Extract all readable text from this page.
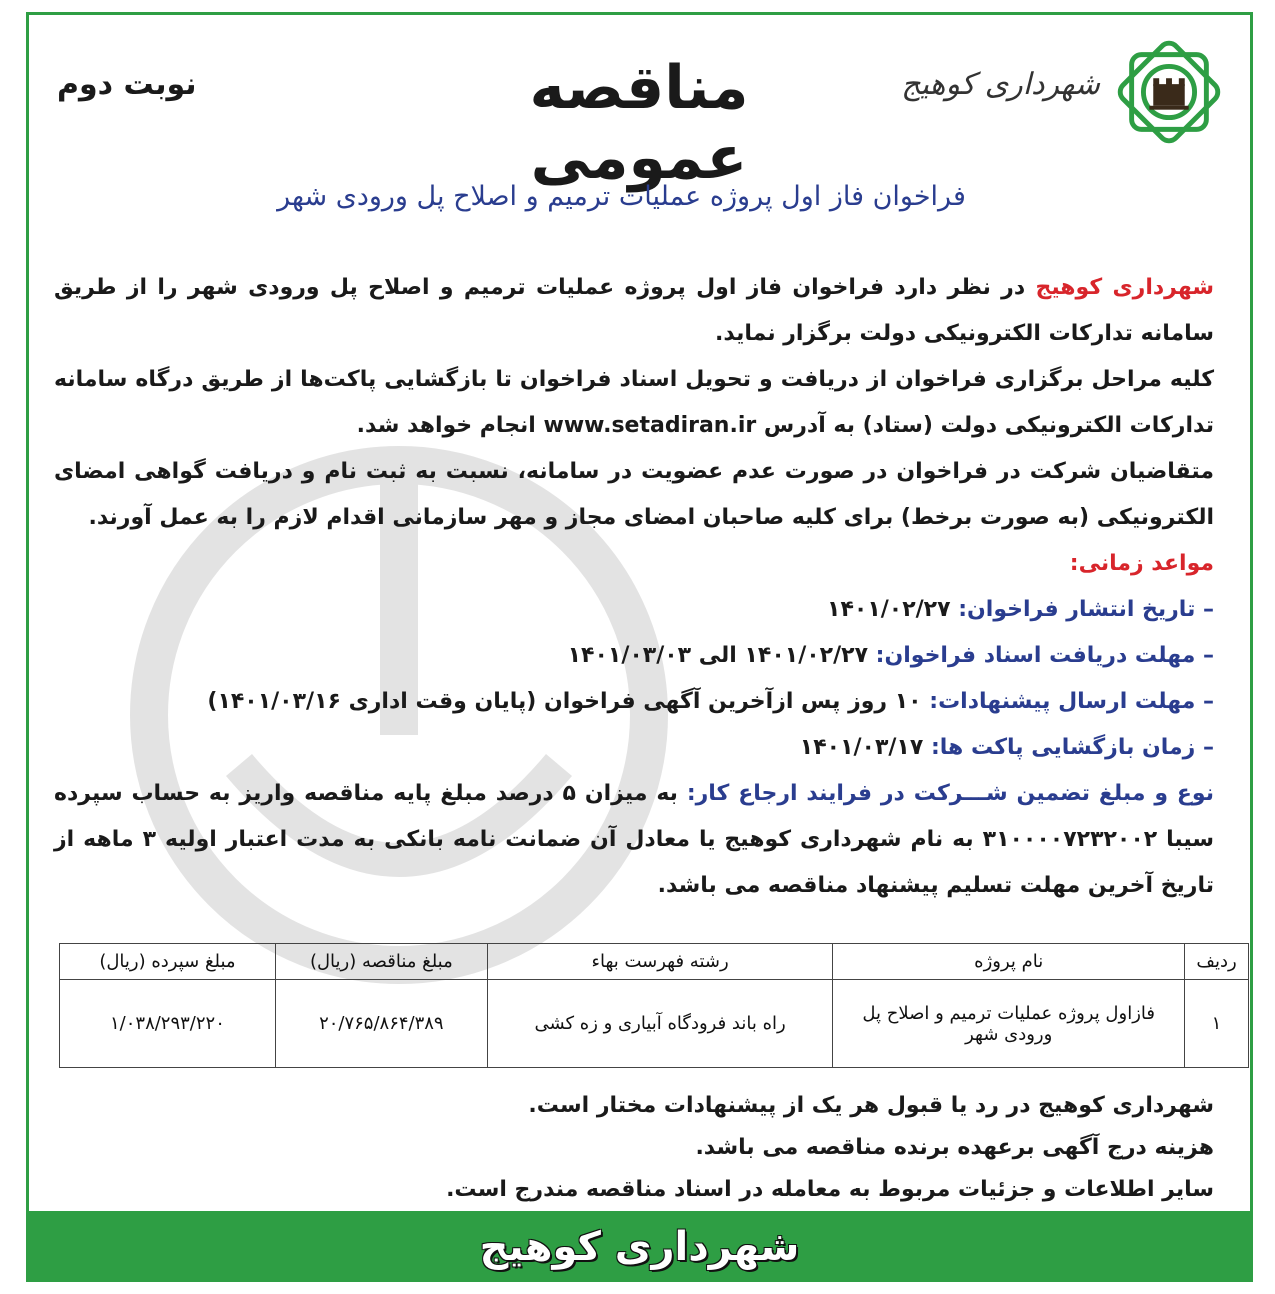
شهرداری کوهیج
مناقصه عمومی
نوبت دوم
فراخوان فاز اول پروژه عملیات ترمیم و اصلاح پل ورودی شهر

شهرداری کوهیج در نظر دارد فراخوان فاز اول پروژه عملیات ترمیم و اصلاح پل ورودی شهر را از طریق سامانه تدارکات الکترونیکی دولت برگزار نماید.

کلیه مراحل برگزاری فراخوان از دریافت و تحویل اسناد فراخوان تا بازگشایی پاکت‌ها از طریق درگاه سامانه تدارکات الکترونیکی دولت (ستاد) به آدرس www.setadiran.ir انجام خواهد شد.

متقاضیان شرکت در فراخوان در صورت عدم عضویت در سامانه، نسبت به ثبت نام و دریافت گواهی امضای الکترونیکی (به صورت برخط) برای کلیه صاحبان امضای مجاز و مهر سازمانی اقدام لازم را به عمل آورند.

مواعد زمانی:

– تاریخ انتشار فراخوان: ۱۴۰۱/۰۲/۲۷
– مهلت دریافت اسناد فراخوان: ۱۴۰۱/۰۲/۲۷ الی ۱۴۰۱/۰۳/۰۳
– مهلت ارسال پیشنهادات: ۱۰ روز پس ازآخرین آگهی فراخوان (پایان وقت اداری ۱۴۰۱/۰۳/۱۶)
– زمان بازگشایی پاکت ها: ۱۴۰۱/۰۳/۱۷

نوع و مبلغ تضمین شـــرکت در فرایند ارجاع کار: به میزان ۵ درصد مبلغ پایه مناقصه واریز به حساب سپرده سیبا ۳۱۰۰۰۰۷۲۳۲۰۰۲ به نام شهرداری کوهیج یا معادل آن ضمانت نامه بانکی به مدت اعتبار اولیه ۳ ماهه از تاریخ آخرین مهلت تسلیم پیشنهاد مناقصه می باشد.

ردیف	نام پروژه	رشته فهرست بهاء	مبلغ مناقصه (ریال)	مبلغ سپرده (ریال)
۱	فازاول پروژه عملیات ترمیم و اصلاح پل ورودی شهر	راه باند فرودگاه آبیاری و زه کشی	۲۰/۷۶۵/۸۶۴/۳۸۹	۱/۰۳۸/۲۹۳/۲۲۰
شهرداری کوهیج در رد یا قبول هر یک از پیشنهادات مختار است.
هزینه درج آگهی برعهده برنده مناقصه می باشد.
سایر اطلاعات و جزئیات مربوط به معامله در اسناد مناقصه مندرج است.
شهرداری کوهیج
